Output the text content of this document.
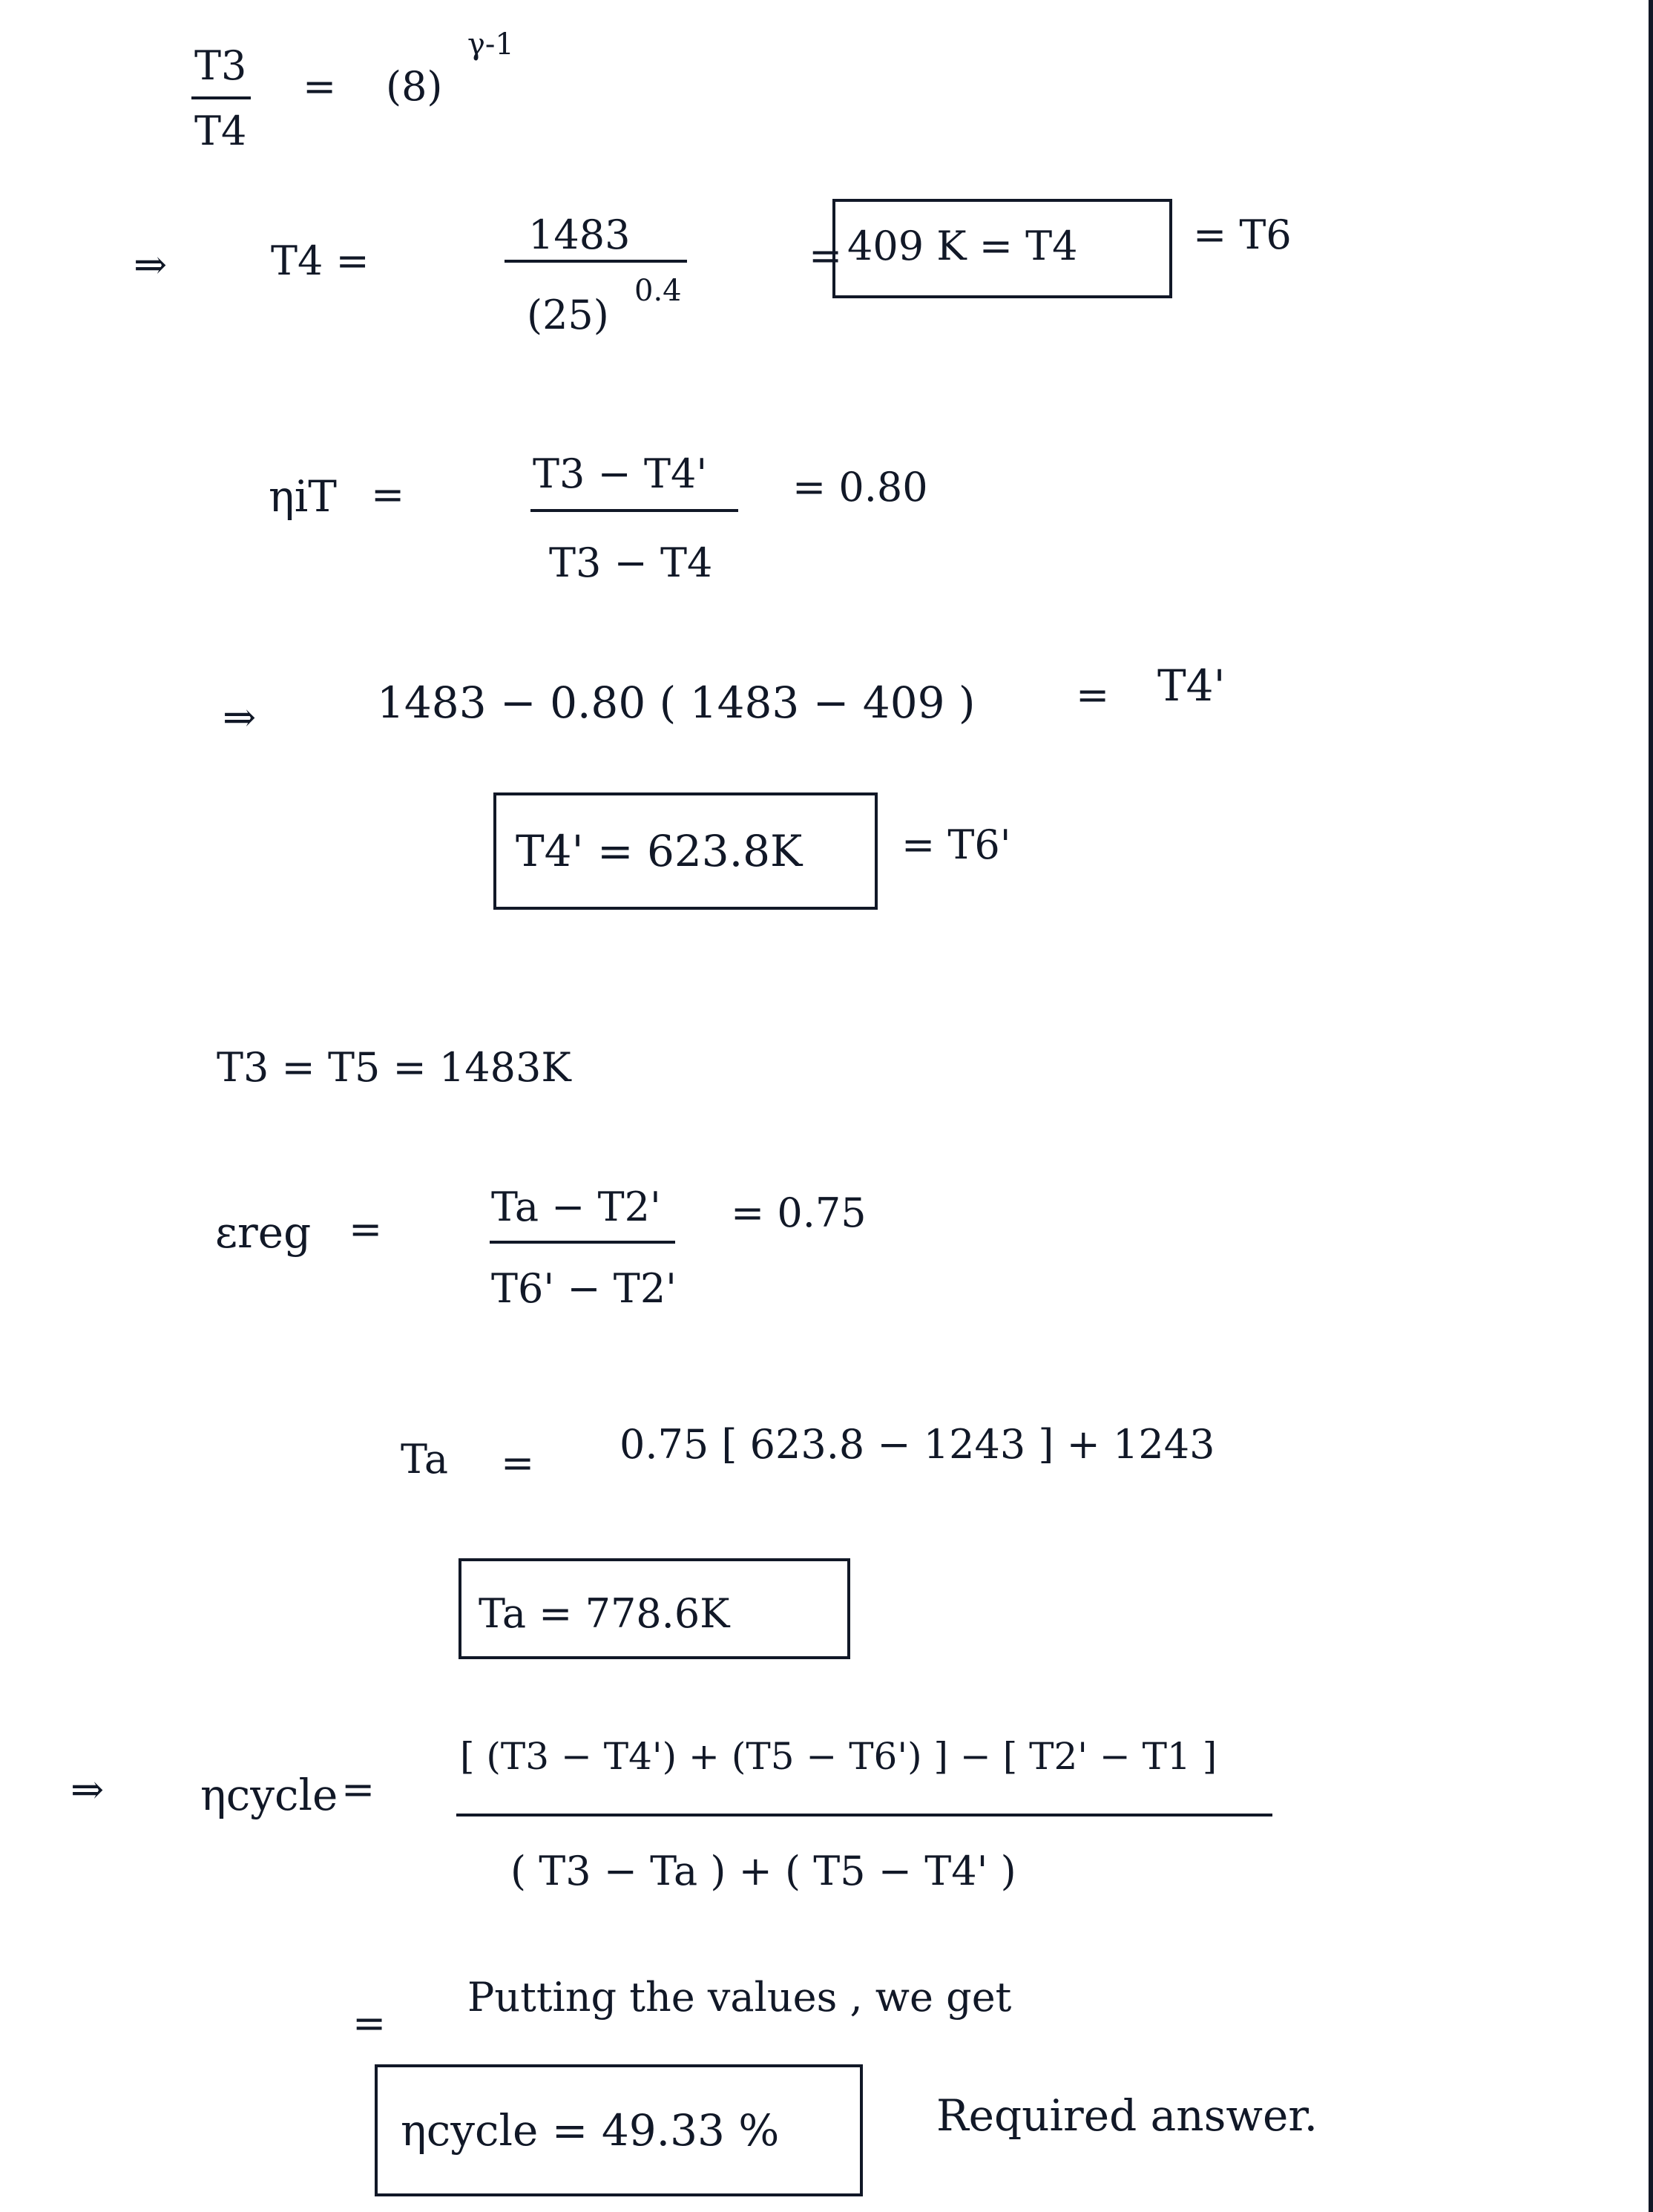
T3
T4
= (8)
γ-1
⇒	T4 =
1483
(25)
0.4
= 409 K = T4	= T6
ηiT =	T3 − T4'
T3 − T4
= 0.80
⇒	1483 − 0.80 ( 1483 − 409 )	= T4'
T4' = 623.8K = T6'
T3 = T5 = 1483K
εreg =	Ta − T2'
T6' − T2'
= 0.75
Ta = 0.75 [ 623.8 − 1243 ] + 1243
Ta = 778.6K
⇒ ηcycle =
[ (T3 − T4') + (T5 − T6') ] − [ T2' − T1 ]
( T3 − Ta ) + ( T5 − T4' )
=
Putting the values , we get
ηcycle = 49.33 %	Required answer.
